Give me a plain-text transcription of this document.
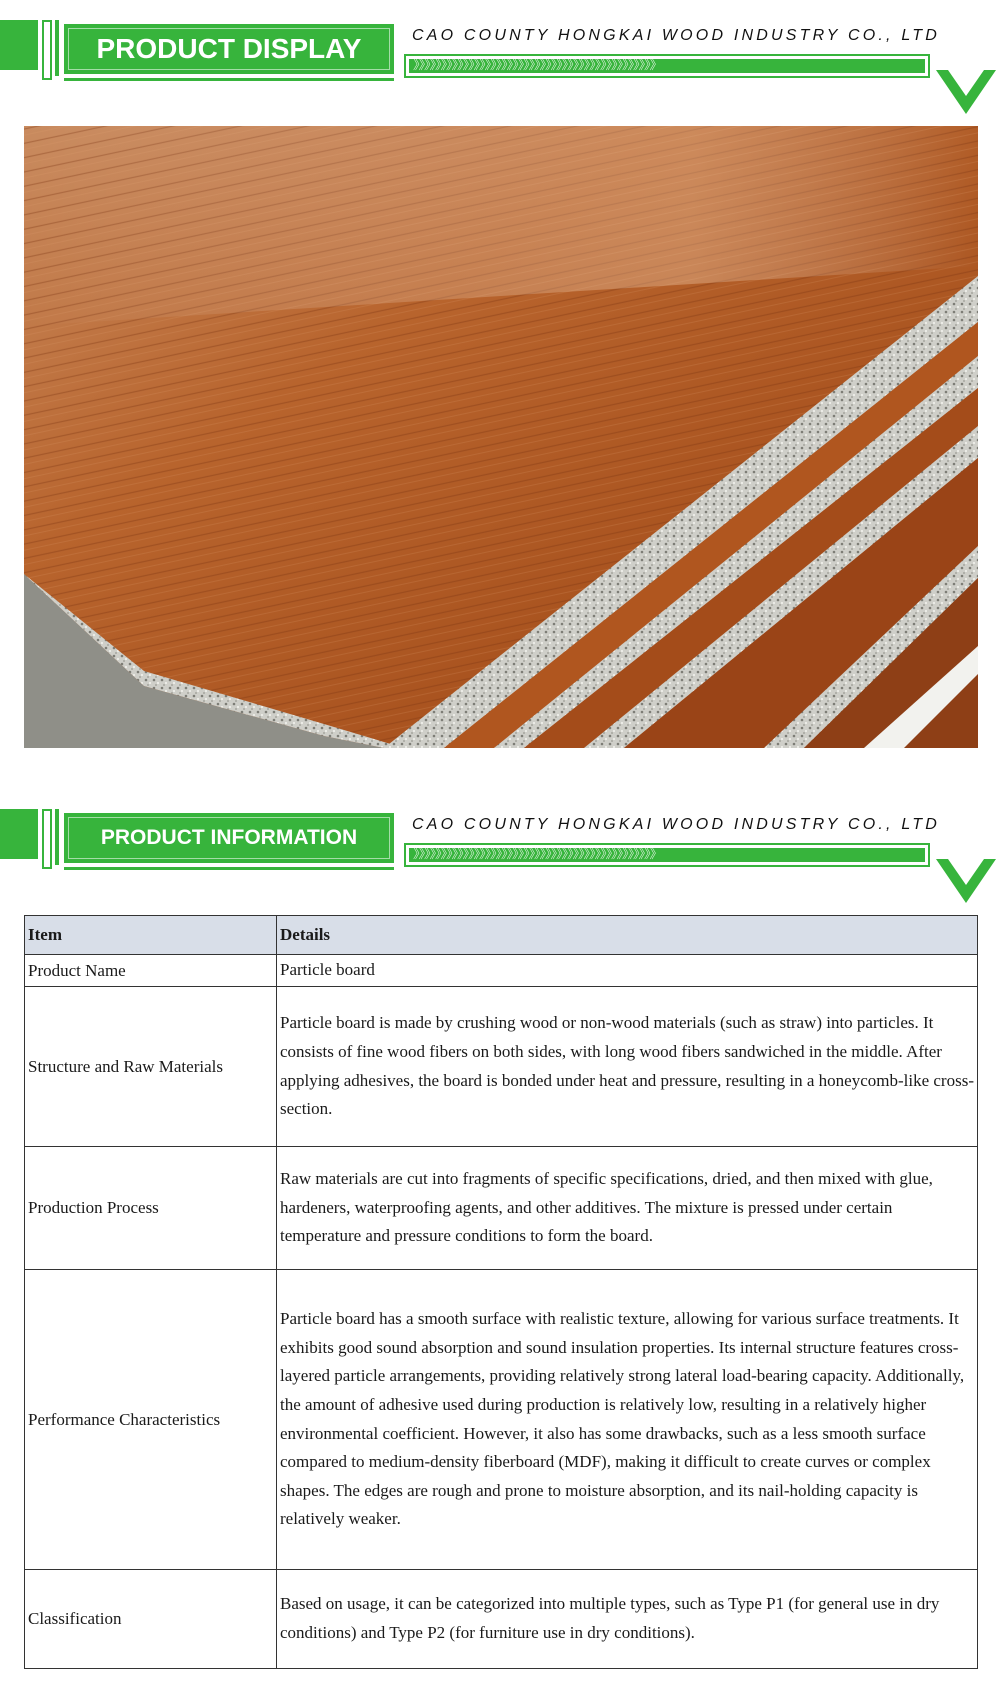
PRODUCT DISPLAY	CAO COUNTY HONGKAI WOOD INDUSTRY CO., LTD
》》》》》》》》》》》》》》》》》》》》》》》》》》》》》》》》》》》》》》》》》》》》
PRODUCT INFORMATION
CAO COUNTY HONGKAI WOOD INDUSTRY CO., LTD
》》》》》》》》》》》》》》》》》》》》》》》》》》》》》》》》》》》》》》》》》》》》
Item	Details
Product Name	Particle board
Structure and Raw Materials	Particle board is made by crushing wood or non-wood materials (such as straw) into particles. It consists of fine wood fibers on both sides, with long wood fibers sandwiched in the middle. After applying adhesives, the board is bonded under heat and pressure, resulting in a honeycomb-like cross-section.
Production Process	Raw materials are cut into fragments of specific specifications, dried, and then mixed with glue, hardeners, waterproofing agents, and other additives. The mixture is pressed under certain temperature and pressure conditions to form the board.
Performance Characteristics	Particle board has a smooth surface with realistic texture, allowing for various surface treatments. It exhibits good sound absorption and sound insulation properties. Its internal structure features cross-layered particle arrangements, providing relatively strong lateral load-bearing capacity. Additionally, the amount of adhesive used during production is relatively low, resulting in a relatively higher environmental coefficient. However, it also has some drawbacks, such as a less smooth surface compared to medium-density fiberboard (MDF), making it difficult to create curves or complex shapes. The edges are rough and prone to moisture absorption, and its nail-holding capacity is relatively weaker.
Classification	Based on usage, it can be categorized into multiple types, such as Type P1 (for general use in dry conditions) and Type P2 (for furniture use in dry conditions).
